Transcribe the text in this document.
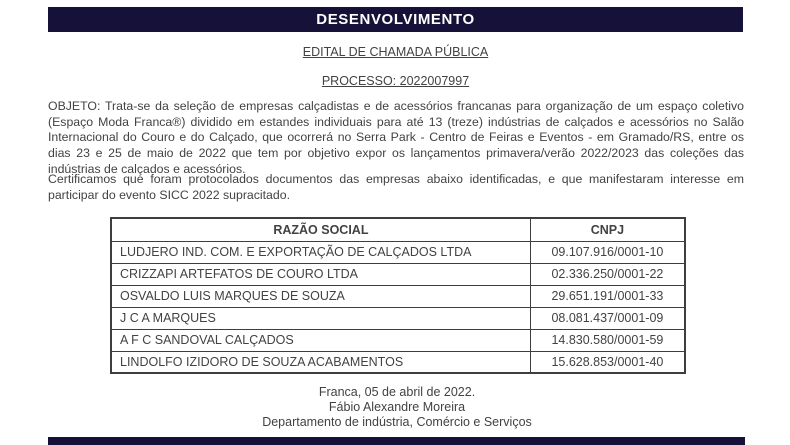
DESENVOLVIMENTO
EDITAL DE CHAMADA PÚBLICA
PROCESSO: 2022007997

OBJETO: Trata-se da seleção de empresas calçadistas e de acessórios francanas para organização de um espaço coletivo (Espaço Moda Franca®) dividido em estandes individuais para até 13 (treze) indústrias de calçados e acessórios no Salão Internacional do Couro e do Calçado, que ocorrerá no Serra Park - Centro de Feiras e Eventos - em Gramado/RS, entre os dias 23 e 25 de maio de 2022 que tem por objetivo expor os lançamentos primavera/verão 2022/2023 das coleções das indústrias de calçados e acessórios.

Certificamos que foram protocolados documentos das empresas abaixo identificadas, e que manifestaram interesse em participar do evento SICC 2022 supracitado.

RAZÃO SOCIAL	CNPJ
LUDJERO IND. COM. E EXPORTAÇÃO DE CALÇADOS LTDA	09.107.916/0001-10
CRIZZAPI ARTEFATOS DE COURO LTDA	02.336.250/0001-22
OSVALDO LUIS MARQUES DE SOUZA	29.651.191/0001-33
J C A MARQUES	08.081.437/0001-09
A F C SANDOVAL CALÇADOS	14.830.580/0001-59
LINDOLFO IZIDORO DE SOUZA ACABAMENTOS	15.628.853/0001-40
Franca, 05 de abril de 2022.
Fábio Alexandre Moreira
Departamento de indústria, Comércio e Serviços
